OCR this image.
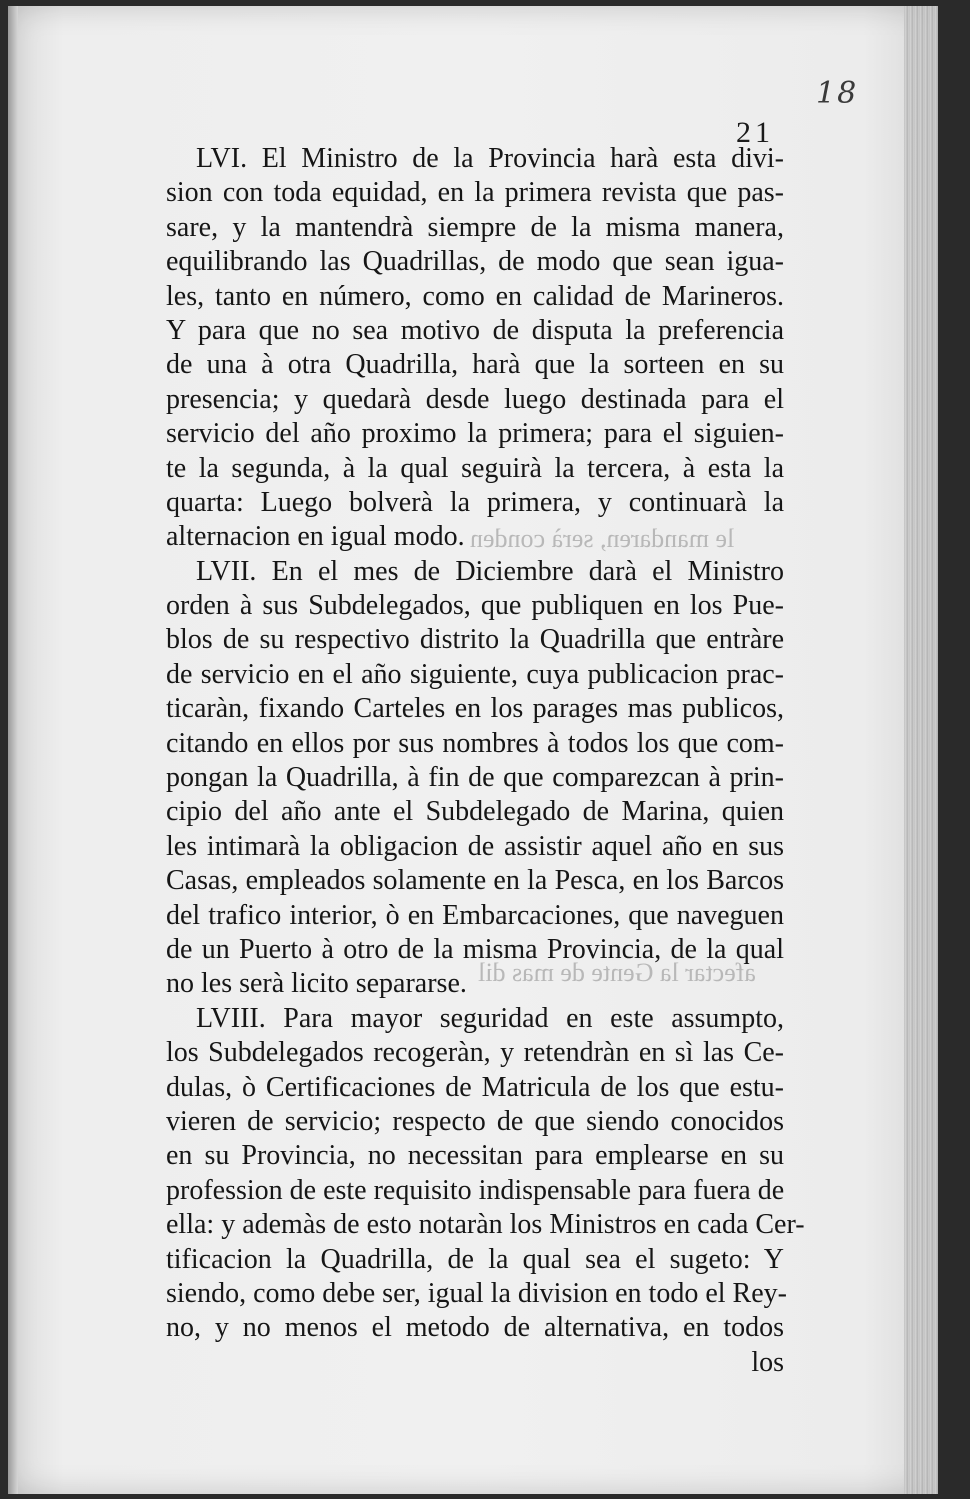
18
21
le mandaren, serà conden
afectar la Gente de mas dil
LVI. El Ministro de la Provincia harà esta divi-
sion con toda equidad, en la primera revista que pas-
sare, y la mantendrà siempre de la misma manera,
equilibrando las Quadrillas, de modo que sean igua-
les, tanto en número, como en calidad de Marineros.
Y para que no sea motivo de disputa la preferencia
de una à otra Quadrilla, harà que la sorteen en su
presencia; y quedarà desde luego destinada para el
servicio del año proximo la primera; para el siguien-
te la segunda, à la qual seguirà la tercera, à esta la
quarta: Luego bolverà la primera, y continuarà la
alternacion en igual modo.
LVII. En el mes de Diciembre darà el Ministro
orden à sus Subdelegados, que publiquen en los Pue-
blos de su respectivo distrito la Quadrilla que entràre
de servicio en el año siguiente, cuya publicacion prac-
ticaràn, fixando Carteles en los parages mas publicos,
citando en ellos por sus nombres à todos los que com-
pongan la Quadrilla, à fin de que comparezcan à prin-
cipio del año ante el Subdelegado de Marina, quien
les intimarà la obligacion de assistir aquel año en sus
Casas, empleados solamente en la Pesca, en los Barcos
del trafico interior, ò en Embarcaciones, que naveguen
de un Puerto à otro de la misma Provincia, de la qual
no les serà licito separarse.
LVIII. Para mayor seguridad en este assumpto,
los Subdelegados recogeràn, y retendràn en sì las Ce-
dulas, ò Certificaciones de Matricula de los que estu-
vieren de servicio; respecto de que siendo conocidos
en su Provincia, no necessitan para emplearse en su
profession de este requisito indispensable para fuera de
ella: y ademàs de esto notaràn los Ministros en cada Cer-
tificacion la Quadrilla, de la qual sea el sugeto: Y
siendo, como debe ser, igual la division en todo el Rey-
no, y no menos el metodo de alternativa, en todos
los
